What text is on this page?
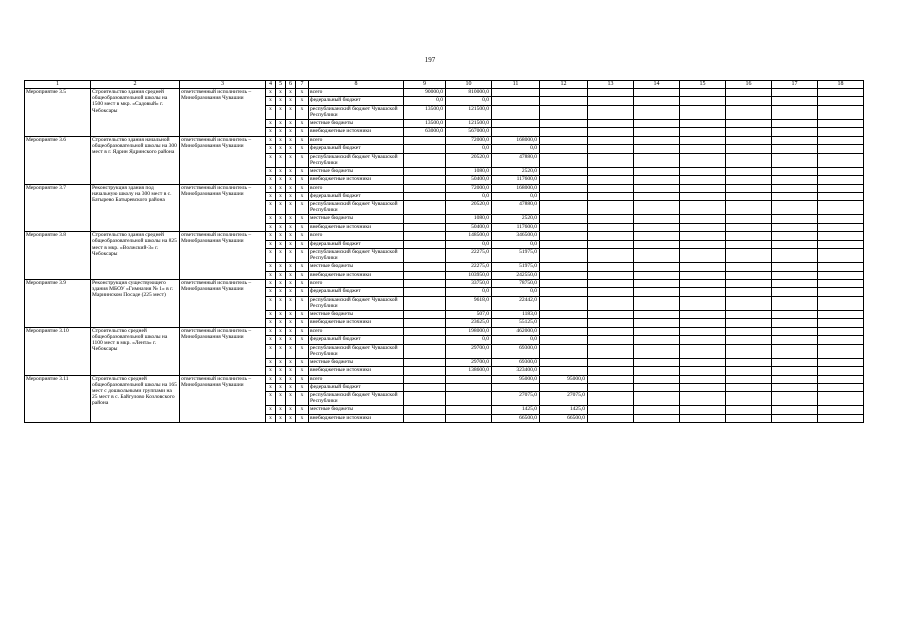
197
1	2	3	4	5	6	7	8	9	10	11	12	13	14	15	16	17	18
Мероприятие 3.5	Строительство здания средней общеобразовательной школы на 1500 мест в мкр. «Садовый» г. Чебоксары	ответственный исполнитель – Минобразования Чувашии	x	x	x	x	всего	90000,0	810000,0								
			x	x	x	x	федеральный бюджет	0,0	0,0								
			x	x	x	x	республиканский бюджет Чувашской Республики	13500,0	121500,0								
			x	x	x	x	местные бюджеты	13500,0	121500,0								
			x	x	x	x	внебюджетные источники	63000,0	567000,0								
Мероприятие 3.6	Строительство здания начальной общеобразовательной школы на 300 мест в г. Ядрин Ядринского района	ответственный исполнитель – Минобразования Чувашии	x	x	x	x	всего		72000,0	168000,0							
			x	x	x	x	федеральный бюджет		0,0	0,0							
			x	x	x	x	республиканский бюджет Чувашской Республики		20520,0	47880,0							
			x	x	x	x	местные бюджеты		1080,0	2520,0							
			x	x	x	x	внебюджетные источники		50400,0	117600,0							
Мероприятие 3.7	Реконструкция здания под начальную школу на 300 мест в с. Батырево Батыревского района	ответственный исполнитель – Минобразования Чувашии	x	x	x	x	всего		72000,0	168000,0							
			x	x	x	x	федеральный бюджет		0,0	0,0							
			x	x	x	x	республиканский бюджет Чувашской Республики		20520,0	47880,0							
			x	x	x	x	местные бюджеты		1080,0	2520,0							
			x	x	x	x	внебюджетные источники		50400,0	117600,0							
Мероприятие 3.8	Строительство здания средней общеобразовательной школы на 825 мест в мкр. «Волжский-3» г. Чебоксары	ответственный исполнитель – Минобразования Чувашии	x	x	x	x	всего		148500,0	346500,0							
			x	x	x	x	федеральный бюджет		0,0	0,0							
			x	x	x	x	республиканский бюджет Чувашской Республики		22275,0	51975,0							
			x	x	x	x	местные бюджеты		22275,0	51975,0							
			x	x	x	x	внебюджетные источники		103950,0	242550,0							
Мероприятие 3.9	Реконструкция существующего здания МБОУ «Гимназия № 1» в г. Мариинском Посаде (225 мест)	ответственный исполнитель – Минобразования Чувашии	x	x	x	x	всего		33750,0	78750,0							
			x	x	x	x	федеральный бюджет		0,0	0,0							
			x	x	x	x	республиканский бюджет Чувашской Республики		9618,0	22442,0							
			x	x	x	x	местные бюджеты		507,0	1183,0							
			x	x	x	x	внебюджетные источники		23625,0	55125,0							
Мероприятие 3.10	Строительство средней общеобразовательной школы на 1100 мест в мкр. «Лента» г. Чебоксары	ответственный исполнитель – Минобразования Чувашии	x	x	x	x	всего		198000,0	462000,0							
			x	x	x	x	федеральный бюджет		0,0	0,0							
			x	x	x	x	республиканский бюджет Чувашской Республики		29700,0	69300,0							
			x	x	x	x	местные бюджеты		29700,0	69300,0							
			x	x	x	x	внебюджетные источники		138600,0	323400,0							
Мероприятие 3.11	Строительство средней общеобразовательной школы на 165 мест с дошкольными группами на 25 мест в с. Байгулово Козловского района	ответственный исполнитель – Минобразования Чувашии	x	x	x	x	всего			95000,0	95000,0						
			x	x	x	x	федеральный бюджет										
			x	x	x	x	республиканский бюджет Чувашской Республики			27075,0	27075,0						
			x	x	x	x	местные бюджеты			1425,0	1425,0						
			x	x	x	x	внебюджетные источники			66500,0	66500,0						
